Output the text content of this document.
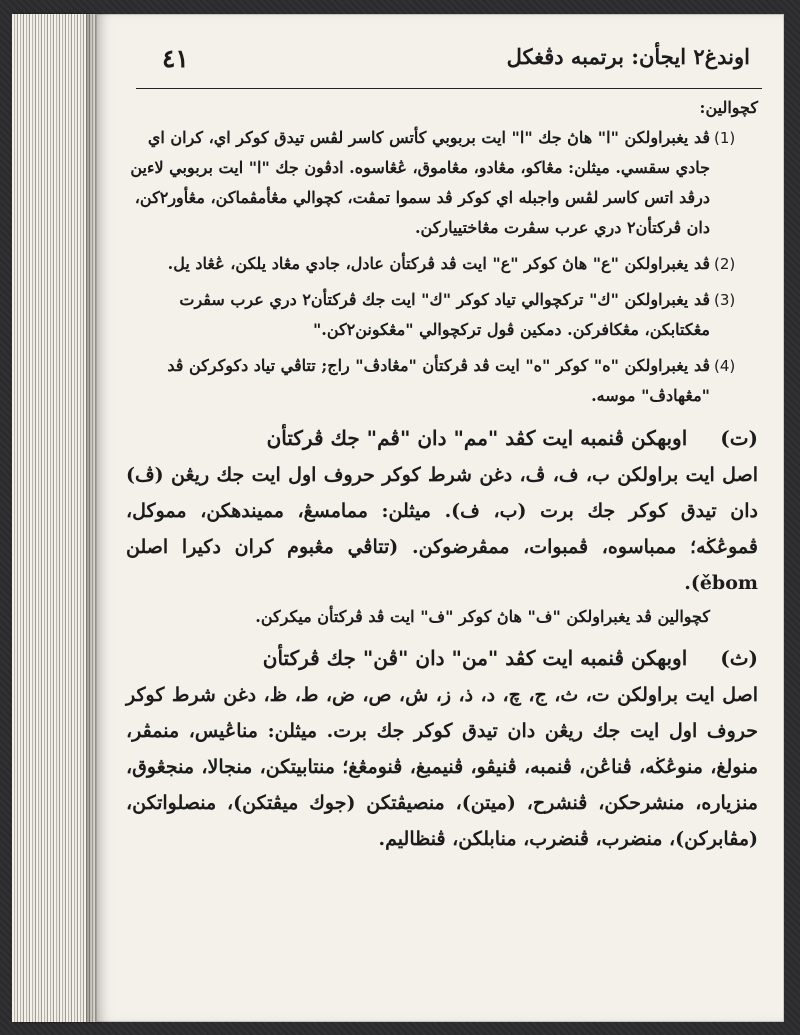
٤١	اوندغ٢ ايجأن: برتمبه دڤغكل
كچوالين:
(1)
ڤد يغبراولكن "ا" هاڽ جك "ا" ايت بربوبي كأتس كاسر لڤس تيدق كوكر اي، كران اي جادي سقسي. ميثلن: مڠاكو، مڠادو، مڠاموق، ڠڠاسوه. ادڤون جك "ا" ايت بربوبي لاءين درڤد اتس كاسر لڤس واجبله اي كوكر ڤد سموا تمڤت، كچوالي مڠأمڤماكن، مڠأور٢كن، دان ڤركتأن٢ دري عرب سڤرت مڠاختيياركن.
(2)
ڤد يغبراولكن "ع" هاڽ كوكر "ع" ايت ڤد ڤركتأن عادل، جادي مڠاد يلكن، ڠڠاد يل.
(3)
ڤد يغبراولكن "ك" تركچوالي تياد كوكر "ك" ايت جك ڤركتأن٢ دري عرب سڤرت مڠكتابكن، مڠكافركن. دمكين ڤول تركچوالي "مڠكونن٢كن."
(4)
ڤد يغبراولكن "ه" كوكر "ه" ايت ڤد ڤركتأن "مڠادڤ" راج; تتاڤي تياد دكوكركن ڤد "مڠهادڤ" موسه.
(ت) اوبهكن ڤنمبه ايت كڤد "مم" دان "ڤم" جك ڤركتأن
اصل ايت براولكن ب، ف، ڤ، دغن شرط كوكر حروف اول ايت جك ريڠن (ڤ) دان تيدق كوكر جك برت (ب، ف). ميثلن: ممامسڠ، مميندهكن، مموكل، ڤموڠڬه؛ ممباسوه، ڤمبوات، ممڤرضوكن. (تتاڤي مڠبوم كران دكيرا اصلن ěbom).
كچوالين ڤد يغبراولكن "ف" هاڽ كوكر "ف" ايت ڤد ڤركتأن ميكركن.
(ث) اوبهكن ڤنمبه ايت كڤد "من" دان "ڤن" جك ڤركتأن
اصل ايت براولكن ت، ث، ج، چ، د، ذ، ز، ش، ص، ض، ط، ظ، دغن شرط كوكر حروف اول ايت جك ريڠن دان تيدق كوكر جك برت. ميثلن: مناڠيس، منمڤر، منولغ، منوڠڬه، ڤناڠن، ڤنمبه، ڤنيڤو، ڤنيمبغ، ڤنومڠغ؛ منتابيتكن، منجالا، منجڠوق، منزياره، منشرحكن، ڤنشرح، (ميتن)، منصيڤتكن (جوك ميڤتكن)، منصلواتكن، (مڤابركن)، منضرب، ڤنضرب، منابلكن، ڤنظاليم.
